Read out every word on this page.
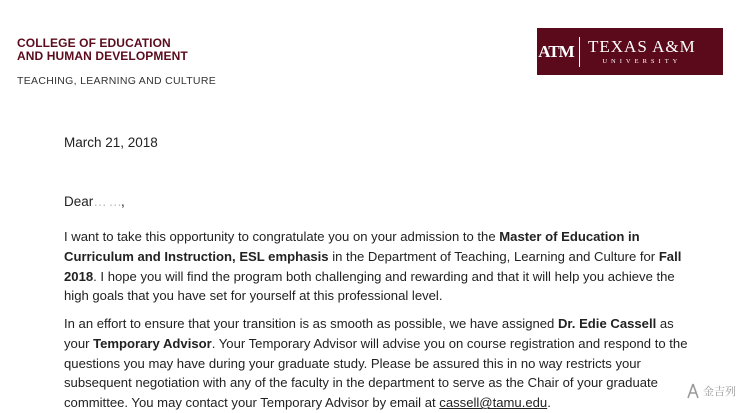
COLLEGE OF EDUCATION
AND HUMAN DEVELOPMENT
TEACHING, LEARNING AND CULTURE
ATM TEXAS A&M
UNIVERSITY
March 21, 2018
Dear… …,

I want to take this opportunity to congratulate you on your admission to the Master of Education in Curriculum and Instruction, ESL emphasis in the Department of Teaching, Learning and Culture for Fall 2018. I hope you will find the program both challenging and rewarding and that it will help you achieve the high goals that you have set for yourself at this professional level.

In an effort to ensure that your transition is as smooth as possible, we have assigned Dr. Edie Cassell as your Temporary Advisor. Your Temporary Advisor will advise you on course registration and respond to the questions you may have during your graduate study. Please be assured this in no way restricts your subsequent negotiation with any of the faculty in the department to serve as the Chair of your graduate committee. You may contact your Temporary Advisor by email at cassell@tamu.edu.

金吉列
